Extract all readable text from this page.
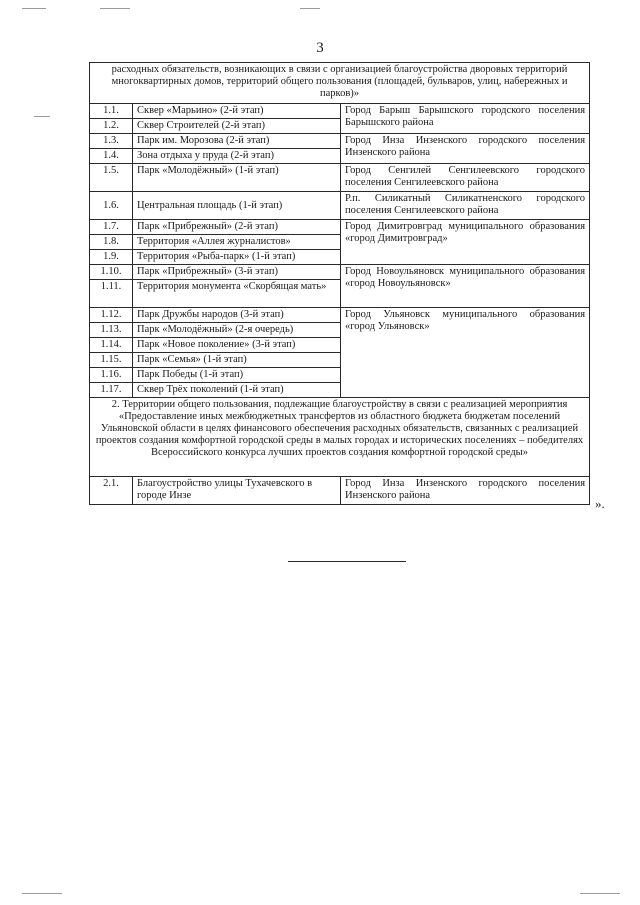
3
расходных обязательств, возникающих в связи с организацией благоустройства дворовых территорий многоквартирных домов, территорий общего пользования (площадей, бульваров, улиц, набережных и парков)»		
1.1.	Сквер «Марьино» (2-й этап)	Город Барыш Барышского городского поселения Барышского района
1.2.	Сквер Строителей (2-й этап)	
1.3.	Парк им. Морозова (2-й этап)	Город Инза Инзенского городского поселения Инзенского района
1.4.	Зона отдыха у пруда (2-й этап)	
1.5.	Парк «Молодёжный» (1-й этап)	Город Сенгилей Сенгилеевского городского поселения Сенгилеевского района
1.6.	Центральная площадь (1-й этап)	Р.п. Силикатный Силикатненского городского поселения Сенгилеевского района
1.7.	Парк «Прибрежный» (2-й этап)	Город Димитровград муниципального образования «город Димитровград»
1.8.	Территория «Аллея журналистов»	
1.9.	Территория «Рыба-парк» (1-й этап)	
1.10.	Парк «Прибрежный» (3-й этап)	Город Новоульяновск муниципального образования «город Новоульяновск»
1.11.	Территория монумента «Скорбящая мать»	
1.12.	Парк Дружбы народов (3-й этап)	Город Ульяновск муниципального образования «город Ульяновск»
1.13.	Парк «Молодёжный» (2-я очередь)	
1.14.	Парк «Новое поколение» (3-й этап)	
1.15.	Парк «Семья» (1-й этап)	
1.16.	Парк Победы (1-й этап)	
1.17.	Сквер Трёх поколений (1-й этап)	
2. Территории общего пользования, подлежащие благоустройству в связи с реализацией мероприятия «Предоставление иных межбюджетных трансфертов из областного бюджета бюджетам поселений Ульяновской области в целях финансового обеспечения расходных обязательств, связанных с реализацией проектов создания комфортной городской среды в малых городах и исторических поселениях – победителях Всероссийского конкурса лучших проектов создания комфортной городской среды»		
2.1.	Благоустройство улицы Тухачевского в городе Инзе	Город Инза Инзенского городского поселения Инзенского района
».
